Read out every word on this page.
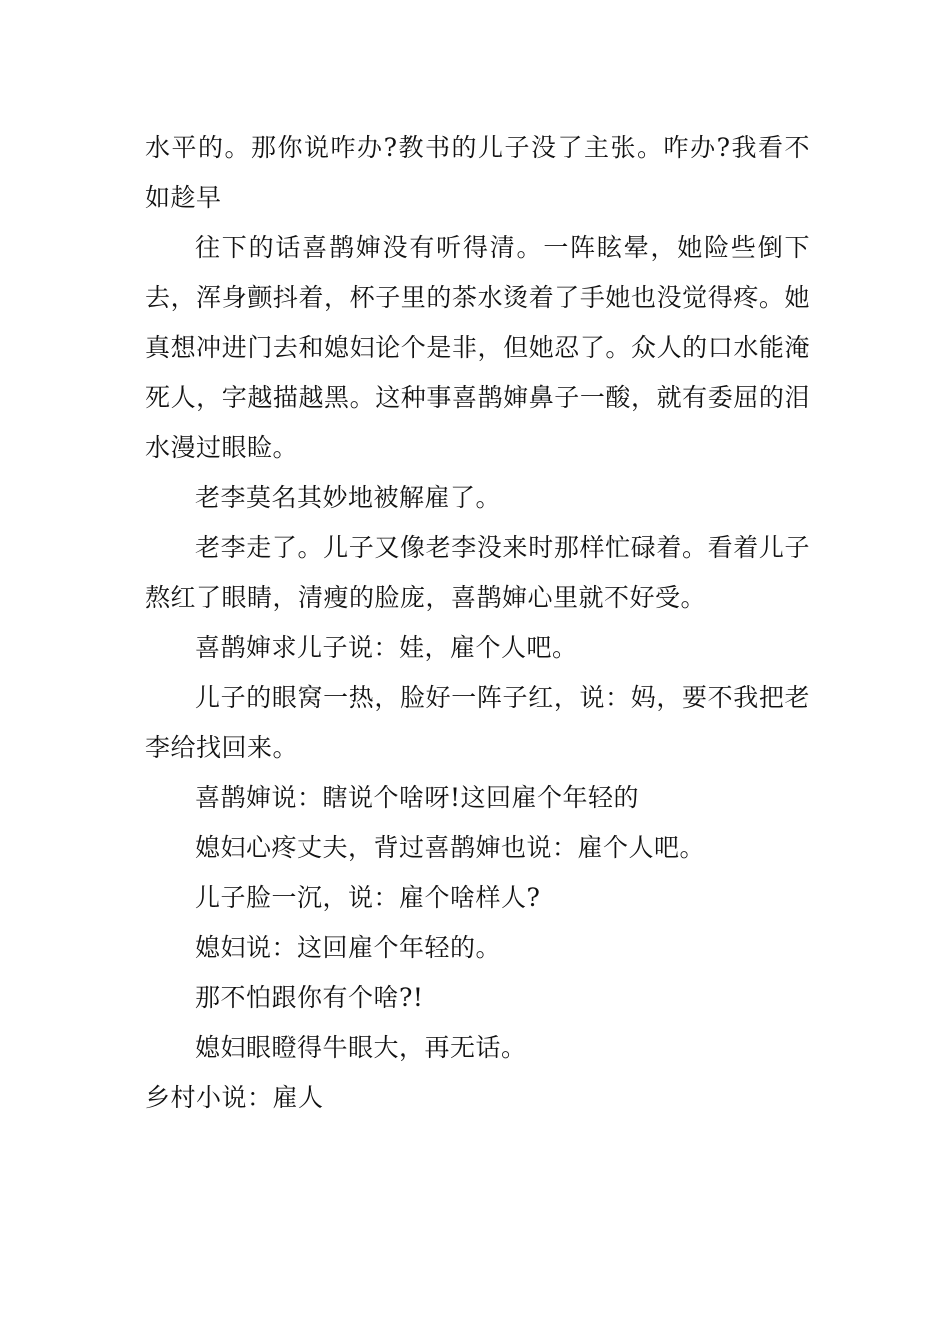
水平的。那你说咋办?教书的儿子没了主张。咋办?我看不如趁早

往下的话喜鹊婶没有听得清。一阵眩晕，她险些倒下去，浑身颤抖着，杯子里的茶水烫着了手她也没觉得疼。她真想冲进门去和媳妇论个是非，但她忍了。众人的口水能淹死人，字越描越黑。这种事喜鹊婶鼻子一酸，就有委屈的泪水漫过眼睑。

老李莫名其妙地被解雇了。

老李走了。儿子又像老李没来时那样忙碌着。看着儿子熬红了眼睛，清瘦的脸庞，喜鹊婶心里就不好受。

喜鹊婶求儿子说：娃，雇个人吧。

儿子的眼窝一热，脸好一阵子红，说：妈，要不我把老李给找回来。

喜鹊婶说：瞎说个啥呀!这回雇个年轻的

媳妇心疼丈夫，背过喜鹊婶也说：雇个人吧。

儿子脸一沉，说：雇个啥样人?

媳妇说：这回雇个年轻的。

那不怕跟你有个啥?!

媳妇眼瞪得牛眼大，再无话。

乡村小说：雇人
